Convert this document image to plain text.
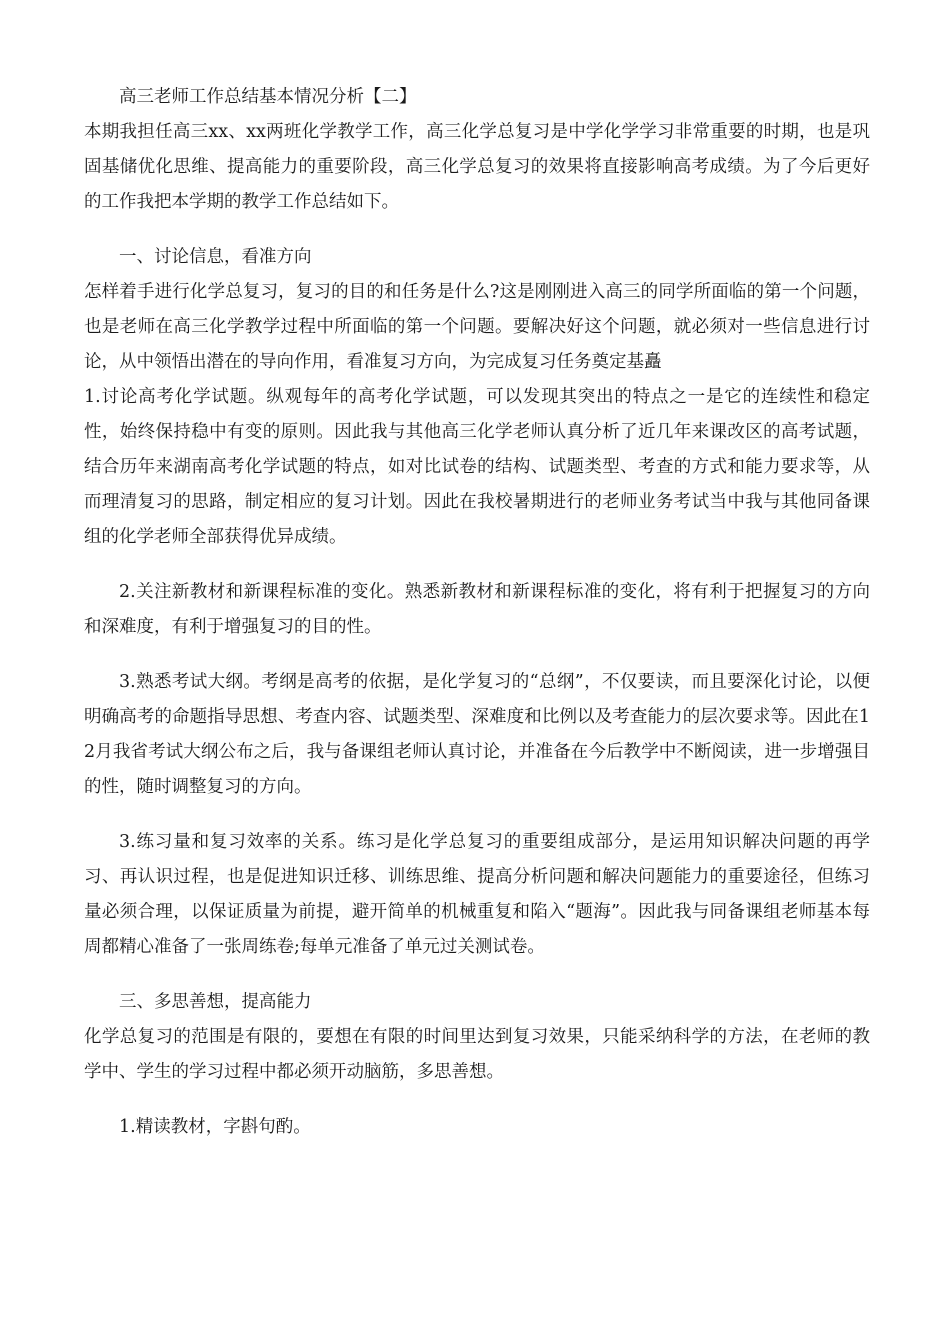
高三老师工作总结基本情况分析【二】

本期我担任高三xx、xx两班化学教学工作，高三化学总复习是中学化学学习非常重要的时期，也是巩固基储优化思维、提高能力的重要阶段，高三化学总复习的效果将直接影响高考成绩。为了今后更好的工作我把本学期的教学工作总结如下。

一、讨论信息，看准方向

怎样着手进行化学总复习，复习的目的和任务是什么?这是刚刚进入高三的同学所面临的第一个问题，也是老师在高三化学教学过程中所面临的第一个问题。要解决好这个问题，就必须对一些信息进行讨论，从中领悟出潜在的导向作用，看准复习方向，为完成复习任务奠定基矗

1.讨论高考化学试题。纵观每年的高考化学试题，可以发现其突出的特点之一是它的连续性和稳定性，始终保持稳中有变的原则。因此我与其他高三化学老师认真分析了近几年来课改区的高考试题，结合历年来湖南高考化学试题的特点，如对比试卷的结构、试题类型、考查的方式和能力要求等，从而理清复习的思路，制定相应的复习计划。因此在我校暑期进行的老师业务考试当中我与其他同备课组的化学老师全部获得优异成绩。

2.关注新教材和新课程标准的变化。熟悉新教材和新课程标准的变化，将有利于把握复习的方向和深难度，有利于增强复习的目的性。

3.熟悉考试大纲。考纲是高考的依据，是化学复习的“总纲”，不仅要读，而且要深化讨论，以便明确高考的命题指导思想、考查内容、试题类型、深难度和比例以及考查能力的层次要求等。因此在12月我省考试大纲公布之后，我与备课组老师认真讨论，并准备在今后教学中不断阅读，进一步增强目的性，随时调整复习的方向。

3.练习量和复习效率的关系。练习是化学总复习的重要组成部分，是运用知识解决问题的再学习、再认识过程，也是促进知识迁移、训练思维、提高分析问题和解决问题能力的重要途径，但练习量必须合理，以保证质量为前提，避开简单的机械重复和陷入“题海”。因此我与同备课组老师基本每周都精心准备了一张周练卷;每单元准备了单元过关测试卷。

三、多思善想，提高能力

化学总复习的范围是有限的，要想在有限的时间里达到复习效果，只能采纳科学的方法，在老师的教学中、学生的学习过程中都必须开动脑筋，多思善想。

1.精读教材，字斟句酌。
